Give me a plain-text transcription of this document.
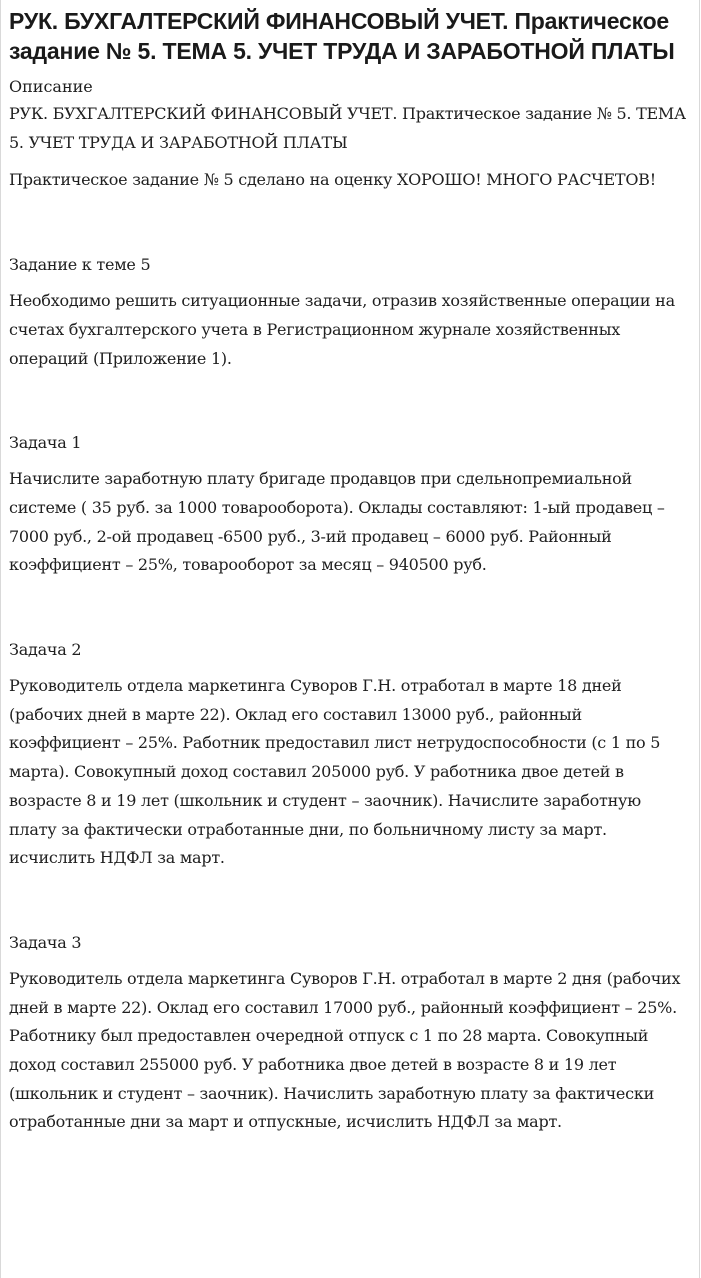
РУК. БУХГАЛТЕРСКИЙ ФИНАНСОВЫЙ УЧЕТ. Практическое задание № 5. ТЕМА 5. УЧЕТ ТРУДА И ЗАРАБОТНОЙ ПЛАТЫ
Описание

РУК. БУХГАЛТЕРСКИЙ ФИНАНСОВЫЙ УЧЕТ. Практическое задание № 5. ТЕМА 5. УЧЕТ ТРУДА И ЗАРАБОТНОЙ ПЛАТЫ

Практическое задание № 5 сделано на оценку ХОРОШО! МНОГО РАСЧЕТОВ!

Задание к теме 5

Необходимо решить ситуационные задачи, отразив хозяйственные операции на счетах бухгалтерского учета в Регистрационном журнале хозяйственных операций (Приложение 1).

Задача 1

Начислите заработную плату бригаде продавцов при сдельнопремиальной системе ( 35 руб. за 1000 товарооборота). Оклады составляют: 1-ый продавец – 7000 руб., 2-ой продавец -6500 руб., 3-ий продавец – 6000 руб. Районный коэффициент – 25%, товарооборот за месяц – 940500 руб.

Задача 2

Руководитель отдела маркетинга Суворов Г.Н. отработал в марте 18 дней (рабочих дней в марте 22). Оклад его составил 13000 руб., районный коэффициент – 25%. Работник предоставил лист нетрудоспособности (с 1 по 5 марта). Совокупный доход составил 205000 руб. У работника двое детей в возрасте 8 и 19 лет (школьник и студент – заочник). Начислите заработную плату за фактически отработанные дни, по больничному листу за март. исчислить НДФЛ за март.

Задача 3

Руководитель отдела маркетинга Суворов Г.Н. отработал в марте 2 дня (рабочих дней в марте 22). Оклад его составил 17000 руб., районный коэффициент – 25%. Работнику был предоставлен очередной отпуск с 1 по 28 марта. Совокупный доход составил 255000 руб. У работника двое детей в возрасте 8 и 19 лет (школьник и студент – заочник). Начислить заработную плату за фактически отработанные дни за март и отпускные, исчислить НДФЛ за март.
